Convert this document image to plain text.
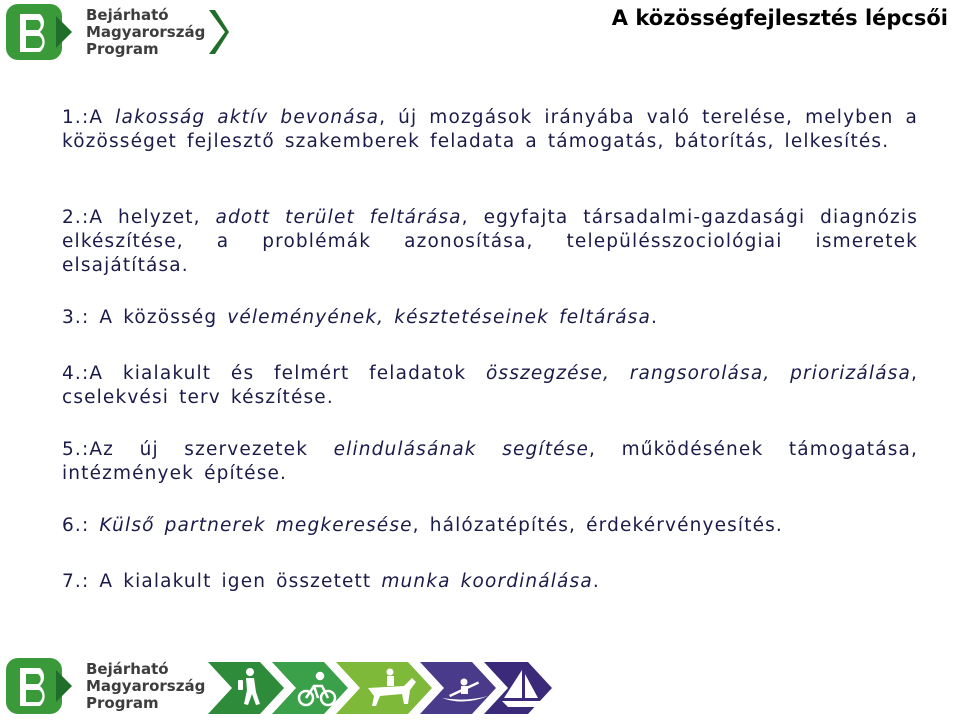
Bejárható
Magyarország
Program
A közösségfejlesztés lépcsői

1.:A lakosság aktív bevonása, új mozgások irányába való terelése, melyben a közösséget fejlesztő szakemberek feladata a támogatás, bátorítás, lelkesítés.

2.:A helyzet, adott terület feltárása, egyfajta társadalmi-gazdasági diagnózis elkészítése, a problémák azonosítása, településszociológiai ismeretek elsajátítása.

3.: A közösség véleményének, késztetéseinek feltárása.

4.:A kialakult és felmért feladatok összegzése, rangsorolása, priorizálása, cselekvési terv készítése.

5.:Az új szervezetek elindulásának segítése, működésének támogatása, intézmények építése.

6.: Külső partnerek megkeresése, hálózatépítés, érdekérvényesítés.

7.: A kialakult igen összetett munka koordinálása.

Bejárható
Magyarország
Program
